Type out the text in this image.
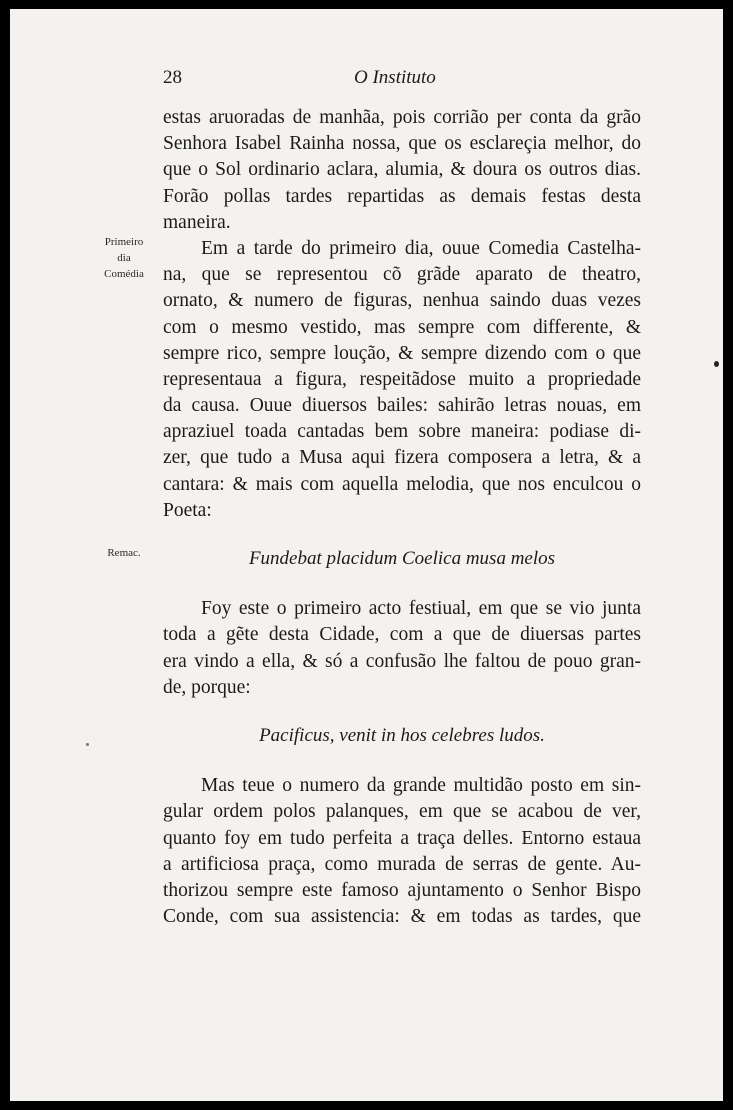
28	O Instituto
Primeiro
dia
Comédia
Remac.
estas aruoradas de manhãa, pois corrião per conta da grão
Senhora Isabel Rainha nossa, que os esclareçia melhor, do
que o Sol ordinario aclara, alumia, & doura os outros dias.
Forão pollas tardes repartidas as demais festas desta
maneira.
Em a tarde do primeiro dia, ouue Comedia Castelha-
na, que se representou cõ grãde aparato de theatro,
ornato, & numero de figuras, nenhua saindo duas vezes
com o mesmo vestido, mas sempre com differente, &
sempre rico, sempre loução, & sempre dizendo com o que
representaua a figura, respeitãdose muito a propriedade
da causa. Ouue diuersos bailes: sahirão letras nouas, em
apraziuel toada cantadas bem sobre maneira: podiase di-
zer, que tudo a Musa aqui fizera composera a letra, & a
cantara: & mais com aquella melodia, que nos enculcou o
Poeta:
Fundebat placidum Coelica musa melos
Foy este o primeiro acto festiual, em que se vio junta
toda a gẽte desta Cidade, com a que de diuersas partes
era vindo a ella, & só a confusão lhe faltou de pouo gran-
de, porque:
Pacificus, venit in hos celebres ludos.
Mas teue o numero da grande multidão posto em sin-
gular ordem polos palanques, em que se acabou de ver,
quanto foy em tudo perfeita a traça delles. Entorno estaua
a artificiosa praça, como murada de serras de gente. Au-
thorizou sempre este famoso ajuntamento o Senhor Bispo
Conde, com sua assistencia: & em todas as tardes, que
